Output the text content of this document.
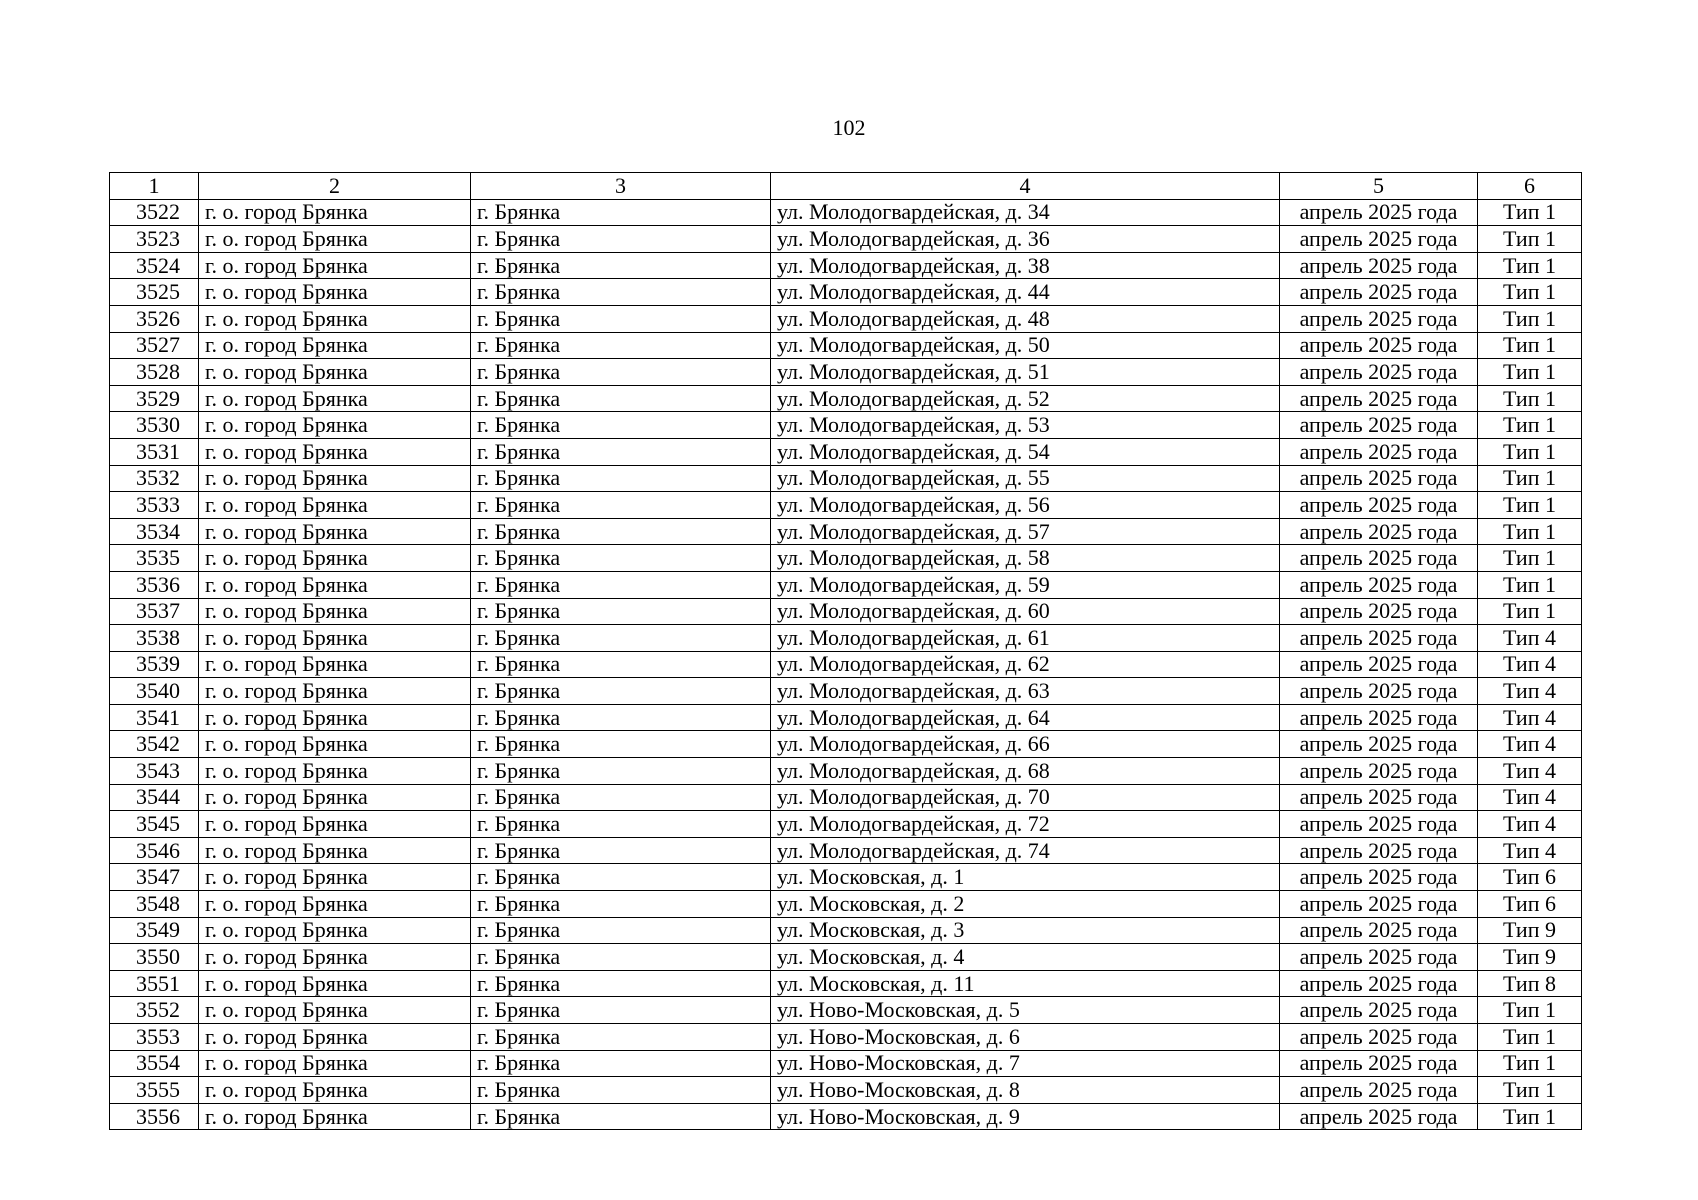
102
1	2	3	4	5	6
3522	г. о. город Брянка	г. Брянка	ул. Молодогвардейская, д. 34	апрель 2025 года	Тип 1
3523	г. о. город Брянка	г. Брянка	ул. Молодогвардейская, д. 36	апрель 2025 года	Тип 1
3524	г. о. город Брянка	г. Брянка	ул. Молодогвардейская, д. 38	апрель 2025 года	Тип 1
3525	г. о. город Брянка	г. Брянка	ул. Молодогвардейская, д. 44	апрель 2025 года	Тип 1
3526	г. о. город Брянка	г. Брянка	ул. Молодогвардейская, д. 48	апрель 2025 года	Тип 1
3527	г. о. город Брянка	г. Брянка	ул. Молодогвардейская, д. 50	апрель 2025 года	Тип 1
3528	г. о. город Брянка	г. Брянка	ул. Молодогвардейская, д. 51	апрель 2025 года	Тип 1
3529	г. о. город Брянка	г. Брянка	ул. Молодогвардейская, д. 52	апрель 2025 года	Тип 1
3530	г. о. город Брянка	г. Брянка	ул. Молодогвардейская, д. 53	апрель 2025 года	Тип 1
3531	г. о. город Брянка	г. Брянка	ул. Молодогвардейская, д. 54	апрель 2025 года	Тип 1
3532	г. о. город Брянка	г. Брянка	ул. Молодогвардейская, д. 55	апрель 2025 года	Тип 1
3533	г. о. город Брянка	г. Брянка	ул. Молодогвардейская, д. 56	апрель 2025 года	Тип 1
3534	г. о. город Брянка	г. Брянка	ул. Молодогвардейская, д. 57	апрель 2025 года	Тип 1
3535	г. о. город Брянка	г. Брянка	ул. Молодогвардейская, д. 58	апрель 2025 года	Тип 1
3536	г. о. город Брянка	г. Брянка	ул. Молодогвардейская, д. 59	апрель 2025 года	Тип 1
3537	г. о. город Брянка	г. Брянка	ул. Молодогвардейская, д. 60	апрель 2025 года	Тип 1
3538	г. о. город Брянка	г. Брянка	ул. Молодогвардейская, д. 61	апрель 2025 года	Тип 4
3539	г. о. город Брянка	г. Брянка	ул. Молодогвардейская, д. 62	апрель 2025 года	Тип 4
3540	г. о. город Брянка	г. Брянка	ул. Молодогвардейская, д. 63	апрель 2025 года	Тип 4
3541	г. о. город Брянка	г. Брянка	ул. Молодогвардейская, д. 64	апрель 2025 года	Тип 4
3542	г. о. город Брянка	г. Брянка	ул. Молодогвардейская, д. 66	апрель 2025 года	Тип 4
3543	г. о. город Брянка	г. Брянка	ул. Молодогвардейская, д. 68	апрель 2025 года	Тип 4
3544	г. о. город Брянка	г. Брянка	ул. Молодогвардейская, д. 70	апрель 2025 года	Тип 4
3545	г. о. город Брянка	г. Брянка	ул. Молодогвардейская, д. 72	апрель 2025 года	Тип 4
3546	г. о. город Брянка	г. Брянка	ул. Молодогвардейская, д. 74	апрель 2025 года	Тип 4
3547	г. о. город Брянка	г. Брянка	ул. Московская, д. 1	апрель 2025 года	Тип 6
3548	г. о. город Брянка	г. Брянка	ул. Московская, д. 2	апрель 2025 года	Тип 6
3549	г. о. город Брянка	г. Брянка	ул. Московская, д. 3	апрель 2025 года	Тип 9
3550	г. о. город Брянка	г. Брянка	ул. Московская, д. 4	апрель 2025 года	Тип 9
3551	г. о. город Брянка	г. Брянка	ул. Московская, д. 11	апрель 2025 года	Тип 8
3552	г. о. город Брянка	г. Брянка	ул. Ново-Московская, д. 5	апрель 2025 года	Тип 1
3553	г. о. город Брянка	г. Брянка	ул. Ново-Московская, д. 6	апрель 2025 года	Тип 1
3554	г. о. город Брянка	г. Брянка	ул. Ново-Московская, д. 7	апрель 2025 года	Тип 1
3555	г. о. город Брянка	г. Брянка	ул. Ново-Московская, д. 8	апрель 2025 года	Тип 1
3556	г. о. город Брянка	г. Брянка	ул. Ново-Московская, д. 9	апрель 2025 года	Тип 1
